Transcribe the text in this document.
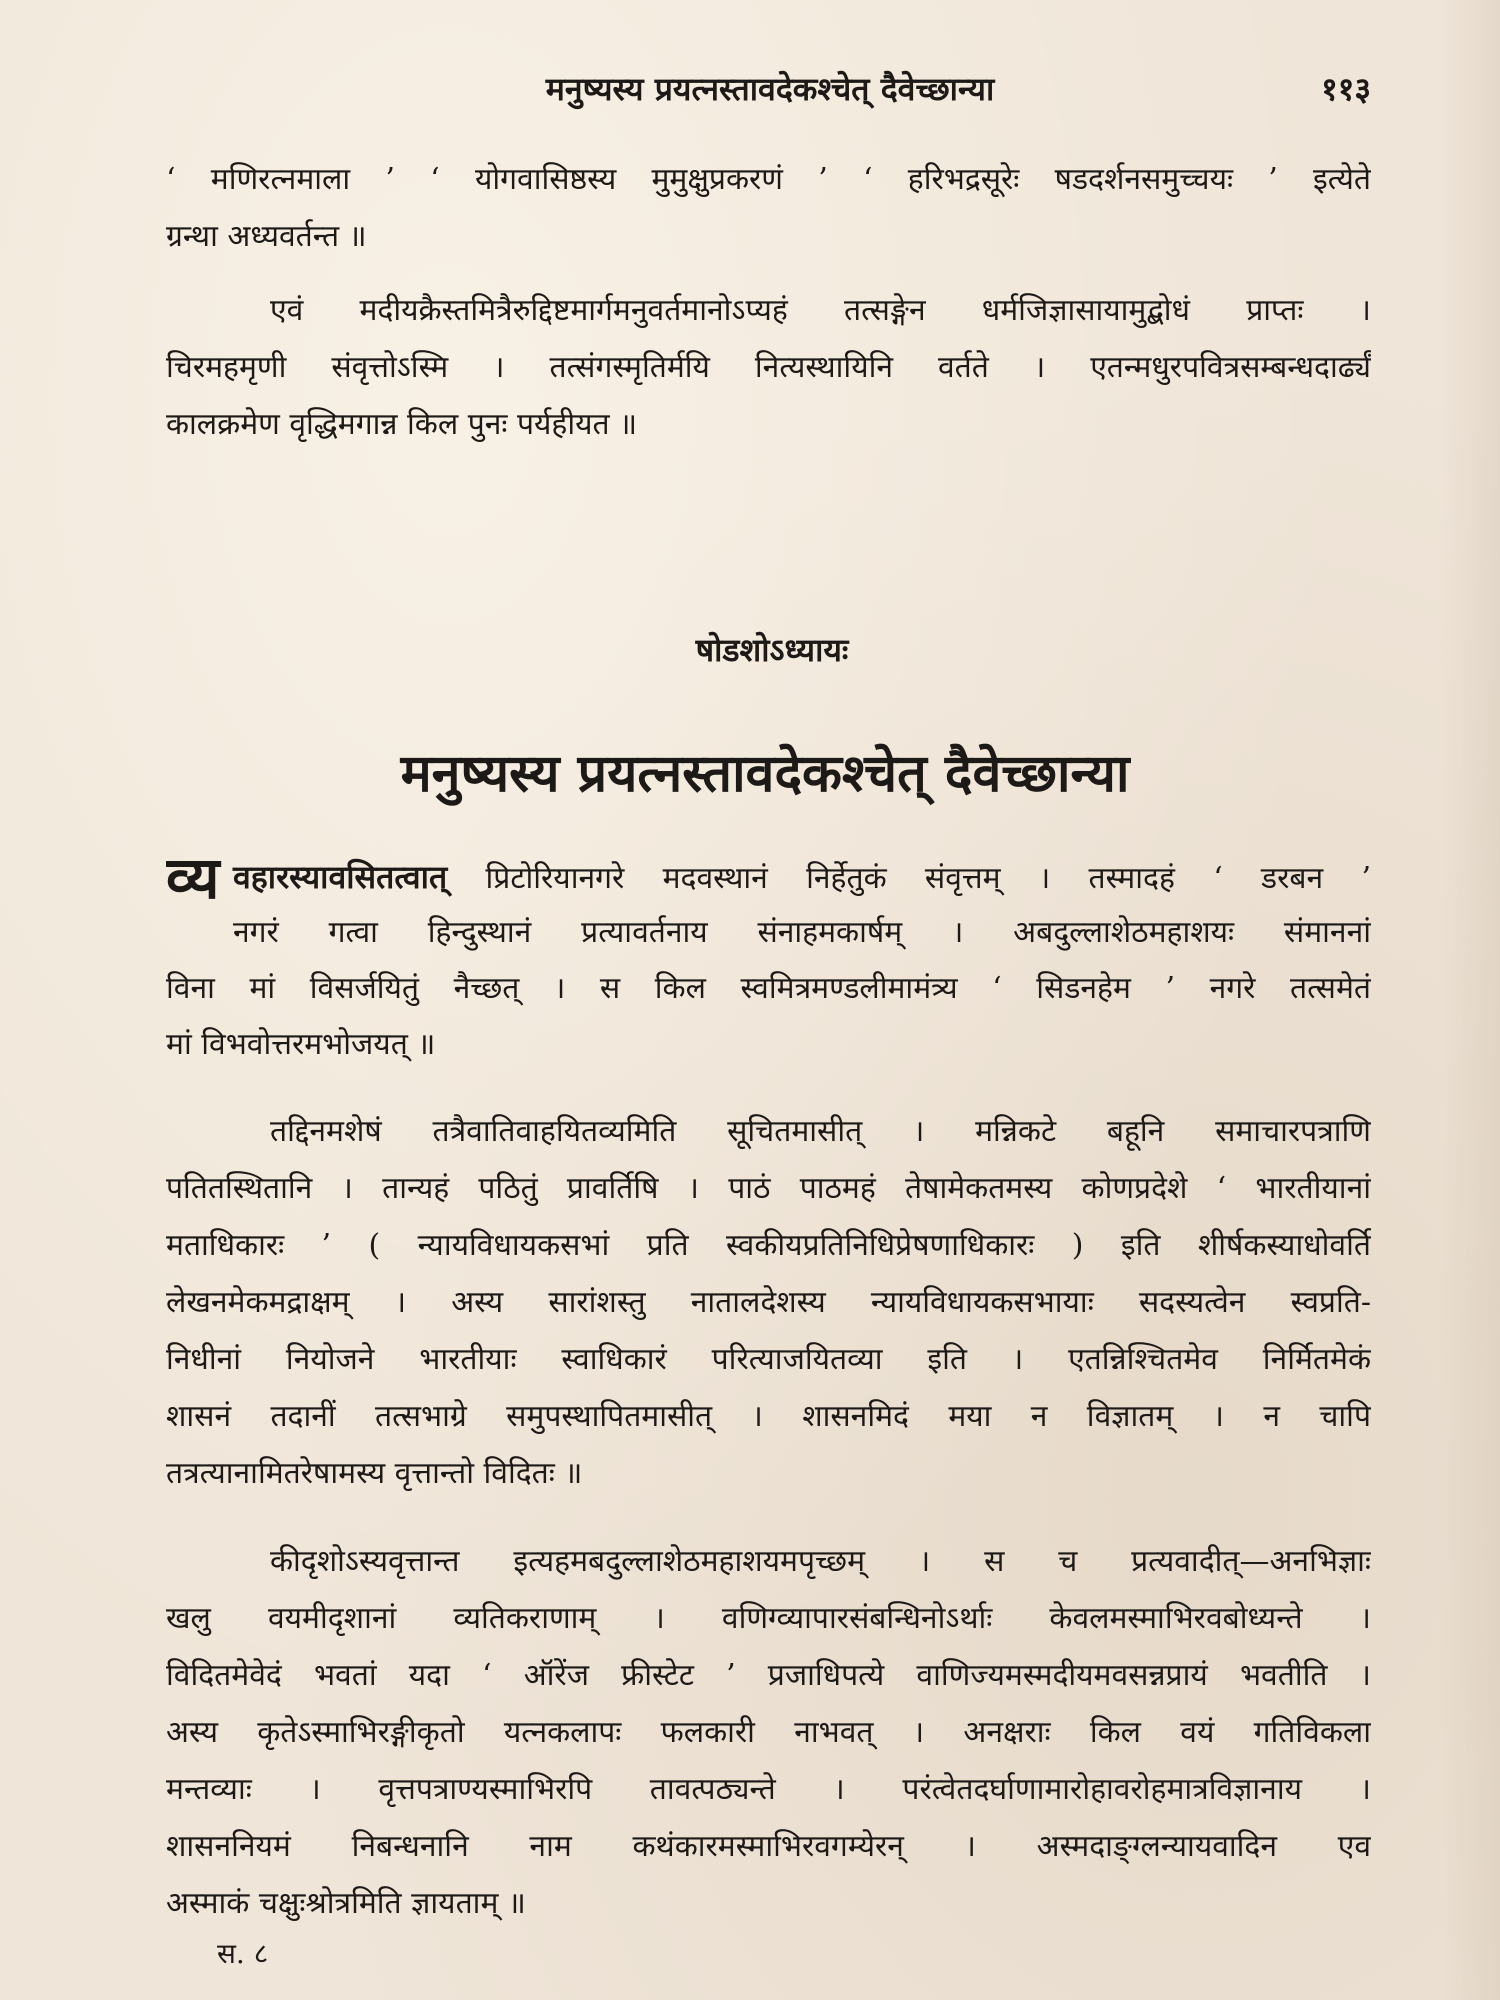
मनुष्यस्य प्रयत्नस्तावदेकश्चेत् दैवेच्छान्या	११३
‘ मणिरत्नमाला ’ ‘ योगवासिष्ठस्य मुमुक्षुप्रकरणं ’ ‘ हरिभद्रसूरेः षडदर्शनसमुच्चयः ’ इत्येते
ग्रन्था अध्यवर्तन्त ॥
एवं मदीयक्रैस्तमित्रैरुद्दिष्टमार्गमनुवर्तमानोऽप्यहं तत्सङ्गेन धर्मजिज्ञासायामुद्बोधं प्राप्तः ।
चिरमहमृणी संवृत्तोऽस्मि । तत्संगस्मृतिर्मयि नित्यस्थायिनि वर्तते । एतन्मधुरपवित्रसम्बन्धदार्ढ्यं
कालक्रमेण वृद्धिमगान्न किल पुनः पर्यहीयत ॥
षोडशोऽध्यायः
मनुष्यस्य प्रयत्नस्तावदेकश्चेत् दैवेच्छान्या
व्य वहारस्यावसितत्वात् प्रिटोरियानगरे मदवस्थानं निर्हेतुकं संवृत्तम् । तस्मादहं ‘ डरबन ’
नगरं गत्वा हिन्दुस्थानं प्रत्यावर्तनाय संनाहमकार्षम् । अबदुल्लाशेठमहाशयः संमाननां
विना मां विसर्जयितुं नैच्छत् । स किल स्वमित्रमण्डलीमामंत्र्य ‘ सिडनहेम ’ नगरे तत्समेतं
मां विभवोत्तरमभोजयत् ॥
तद्दिनमशेषं तत्रैवातिवाहयितव्यमिति सूचितमासीत् । मन्निकटे बहूनि समाचारपत्राणि
पतितस्थितानि । तान्यहं पठितुं प्रावर्तिषि । पाठं पाठमहं तेषामेकतमस्य कोणप्रदेशे ‘ भारतीयानां
मताधिकारः ’ ( न्यायविधायकसभां प्रति स्वकीयप्रतिनिधिप्रेषणाधिकारः ) इति शीर्षकस्याधोवर्ति
लेखनमेकमद्राक्षम् । अस्य सारांशस्तु नातालदेशस्य न्यायविधायकसभायाः सदस्यत्वेन स्वप्रति-
निधीनां नियोजने भारतीयाः स्वाधिकारं परित्याजयितव्या इति । एतन्निश्चितमेव निर्मितमेकं
शासनं तदानीं तत्सभाग्रे समुपस्थापितमासीत् । शासनमिदं मया न विज्ञातम् । न चापि
तत्रत्यानामितरेषामस्य वृत्तान्तो विदितः ॥
कीदृशोऽस्यवृत्तान्त इत्यहमबदुल्लाशेठमहाशयमपृच्छम् । स च प्रत्यवादीत्—अनभिज्ञाः
खलु वयमीदृशानां व्यतिकराणाम् । वणिग्व्यापारसंबन्धिनोऽर्थाः केवलमस्माभिरवबोध्यन्ते ।
विदितमेवेदं भवतां यदा ‘ ऑरेंज फ्रीस्टेट ’ प्रजाधिपत्ये वाणिज्यमस्मदीयमवसन्नप्रायं भवतीति ।
अस्य कृतेऽस्माभिरङ्गीकृतो यत्नकलापः फलकारी नाभवत् । अनक्षराः किल वयं गतिविकला
मन्तव्याः । वृत्तपत्राण्यस्माभिरपि तावत्पठ्यन्ते । परंत्वेतदर्घाणामारोहावरोहमात्रविज्ञानाय ।
शासननियमं निबन्धनानि नाम कथंकारमस्माभिरवगम्येरन् । अस्मदाङ्ग्लन्यायवादिन एव
अस्माकं चक्षुःश्रोत्रमिति ज्ञायताम् ॥
स. ८
